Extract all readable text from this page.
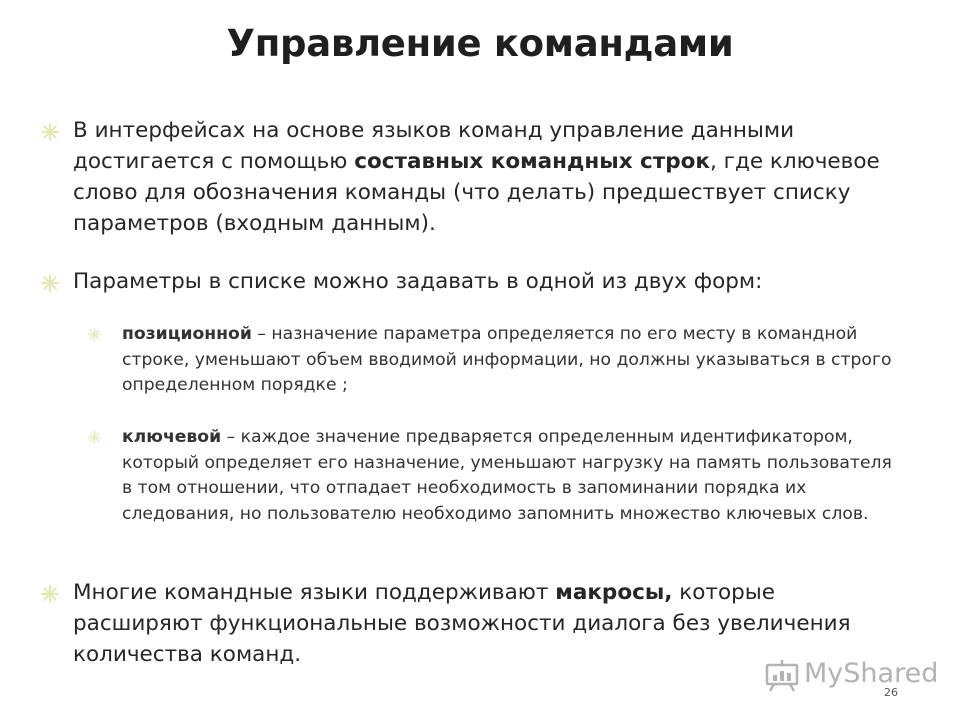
Управление командами
В интерфейсах на основе языков команд управление данными достигается с помощью составных командных строк, где ключевое слово для обозначения команды (что делать) предшествует списку параметров (входным данным).
Параметры в списке можно задавать в одной из двух форм:
позиционной – назначение параметра определяется по его месту в командной строке, уменьшают объем вводимой информации, но должны указываться в строго определенном порядке ;
ключевой – каждое значение предваряется определенным идентификатором, который определяет его назначение, уменьшают нагрузку на память пользователя в том отношении, что отпадает необходимость в запоминании порядка их следования, но пользователю необходимо запомнить множество ключевых слов.
Многие командные языки поддерживают макросы, которые расширяют функциональные возможности диалога без увеличения количества команд.
MyShared
26
